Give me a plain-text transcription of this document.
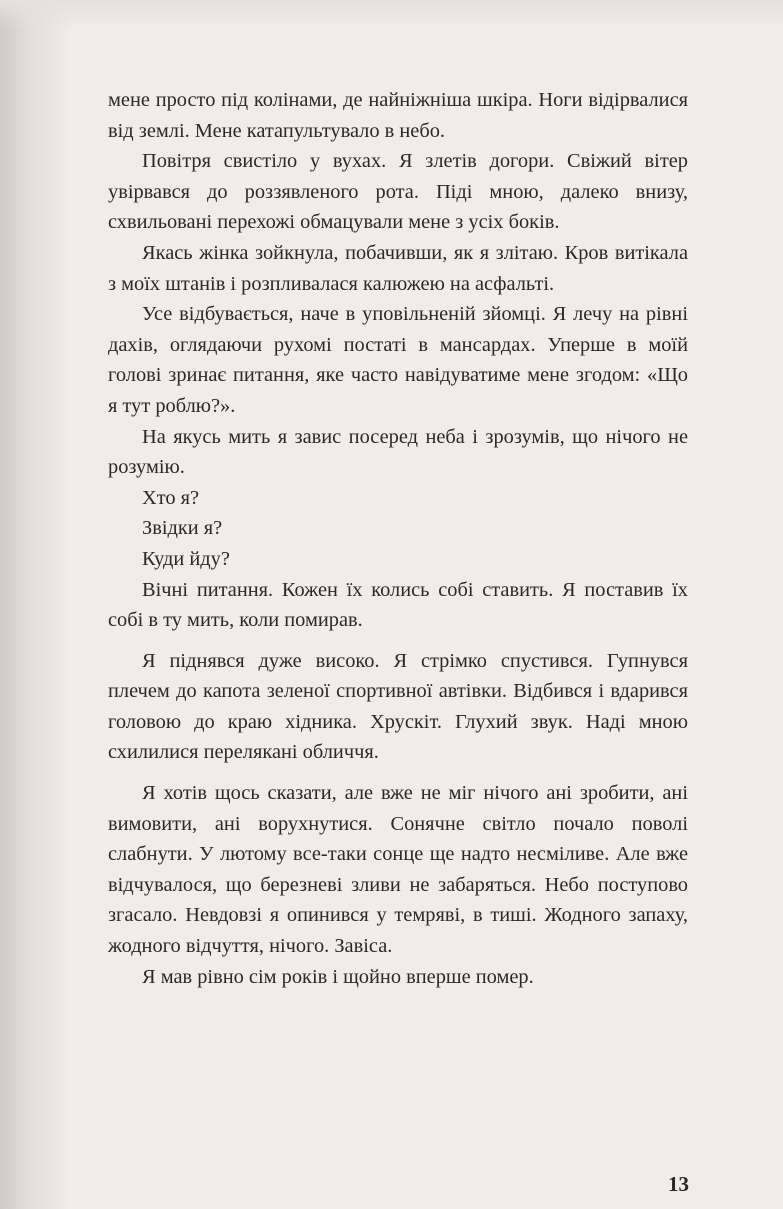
мене просто під колінами, де найніжніша шкіра. Ноги відірвалися від землі. Мене катапультувало в небо.

Повітря свистіло у вухах. Я злетів догори. Свіжий вітер увірвався до роззявленого рота. Піді мною, далеко внизу, схвильовані перехожі обмацували мене з усіх боків.

Якась жінка зойкнула, побачивши, як я злітаю. Кров витікала з моїх штанів і розпливалася калюжею на асфальті.

Усе відбувається, наче в уповільненій зйомці. Я лечу на рівні дахів, оглядаючи рухомі постаті в мансардах. Уперше в моїй голові зринає питання, яке часто навідуватиме мене згодом: «Що я тут роблю?».

На якусь мить я завис посеред неба і зрозумів, що нічого не розумію.

Хто я?

Звідки я?

Куди йду?

Вічні питання. Кожен їх колись собі ставить. Я поставив їх собі в ту мить, коли помирав.

Я піднявся дуже високо. Я стрімко спустився. Гупнувся плечем до капота зеленої спортивної автівки. Відбився і вдарився головою до краю хідника. Хрускіт. Глухий звук. Наді мною схилилися перелякані обличчя.

Я хотів щось сказати, але вже не міг нічого ані зробити, ані вимовити, ані ворухнутися. Сонячне світло почало поволі слабнути. У лютому все-таки сонце ще надто несміливе. Але вже відчувалося, що березневі зливи не забаряться. Небо поступово згасало. Невдовзі я опинився у темряві, в тиші. Жодного запаху, жодного відчуття, нічого. Завіса.

Я мав рівно сім років і щойно вперше помер.

13
